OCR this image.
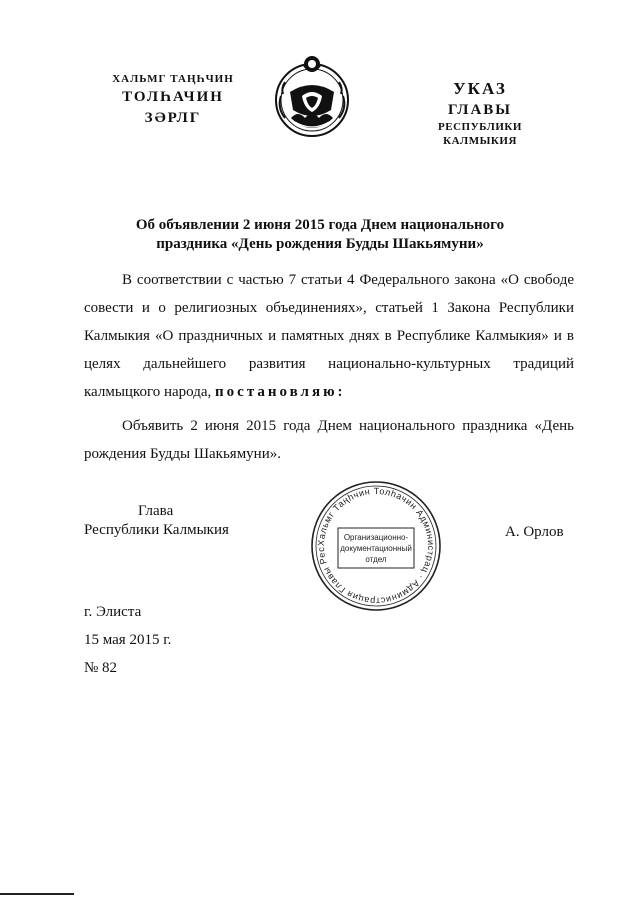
ХАЛЬМГ ТАҢҺЧИН
ТОЛҺАЧИН
ЗӘРЛГ
УКАЗ
ГЛАВЫ
РЕСПУБЛИКИ КАЛМЫКИЯ
Об объявлении 2 июня 2015 года Днем национального
праздника «День рождения Будды Шакьямуни»

В соответствии с частью 7 статьи 4 Федерального закона «О свободе совести и о религиозных объединениях», статьей 1 Закона Республики Калмыкия «О праздничных и памятных днях в Республике Калмыкия» и в целях дальнейшего развития национально-культурных традиций калмыцкого народа, постановляю:

Объявить 2 июня 2015 года Днем национального праздника «День рождения Будды Шакьямуни».

Глава
Республики Калмыкия
Хальмг Таңһчин Толһачин Администрац · Администрация Главы Рес
Организационно-
документационный
отдел
А. Орлов
г. Элиста
15 мая 2015 г.
№ 82
